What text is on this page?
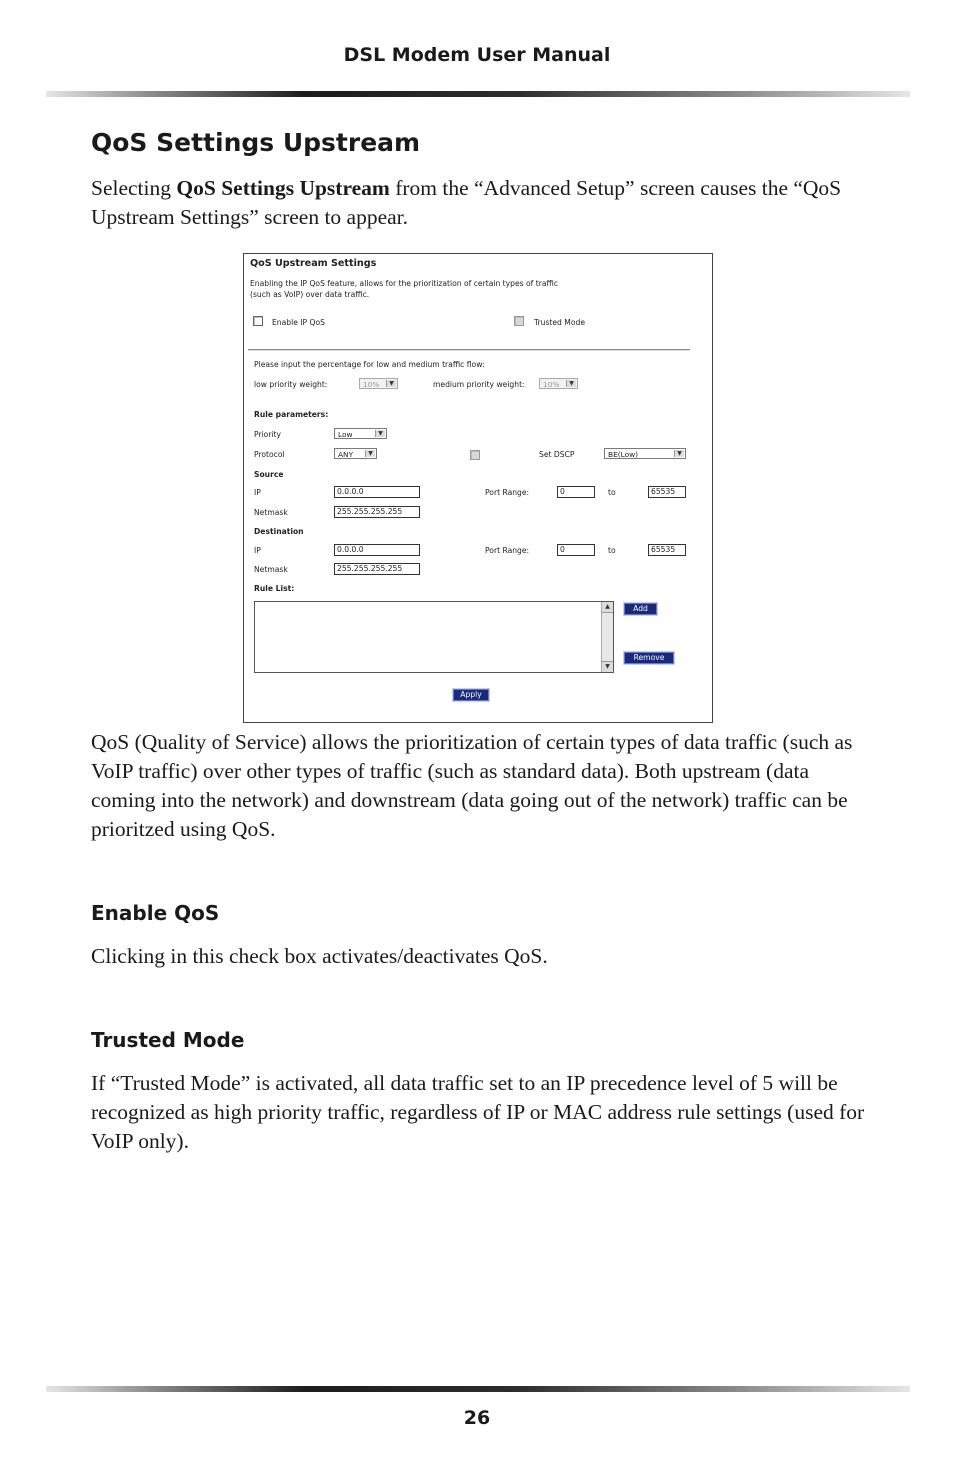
DSL Modem User Manual
QoS Settings Upstream

Selecting QoS Settings Upstream from the “Advanced Setup” screen causes the “QoS Upstream Settings” screen to appear.

QoS Upstream Settings
Enabling the IP QoS feature, allows for the prioritization of certain types of traffic
(such as VoIP) over data traffic.
Enable IP QoS	Trusted Mode
Please input the percentage for low and medium traffic flow:
low priority weight:	10%	▼	medium priority weight:	10%	▼
Rule parameters:
Priority	Low	▼
Protocol	ANY	▼	Set DSCP	BE(Low)	▼
Source
IP	0.0.0.0	Port Range:	0	to	65535
Netmask	255.255.255.255
Destination
IP	0.0.0.0	Port Range:	0	to	65535
Netmask	255.255.255.255
Rule List:
▲
▼
Add
Remove
Apply

QoS (Quality of Service) allows the prioritization of certain types of data traffic (such as VoIP traffic) over other types of traffic (such as standard data). Both upstream (data coming into the network) and downstream (data going out of the network) traffic can be prioritzed using QoS.

Enable QoS

Clicking in this check box activates/deactivates QoS.

Trusted Mode

If “Trusted Mode” is activated, all data traffic set to an IP precedence level of 5 will be recognized as high priority traffic, regardless of IP or MAC address rule settings (used for VoIP only).

26
